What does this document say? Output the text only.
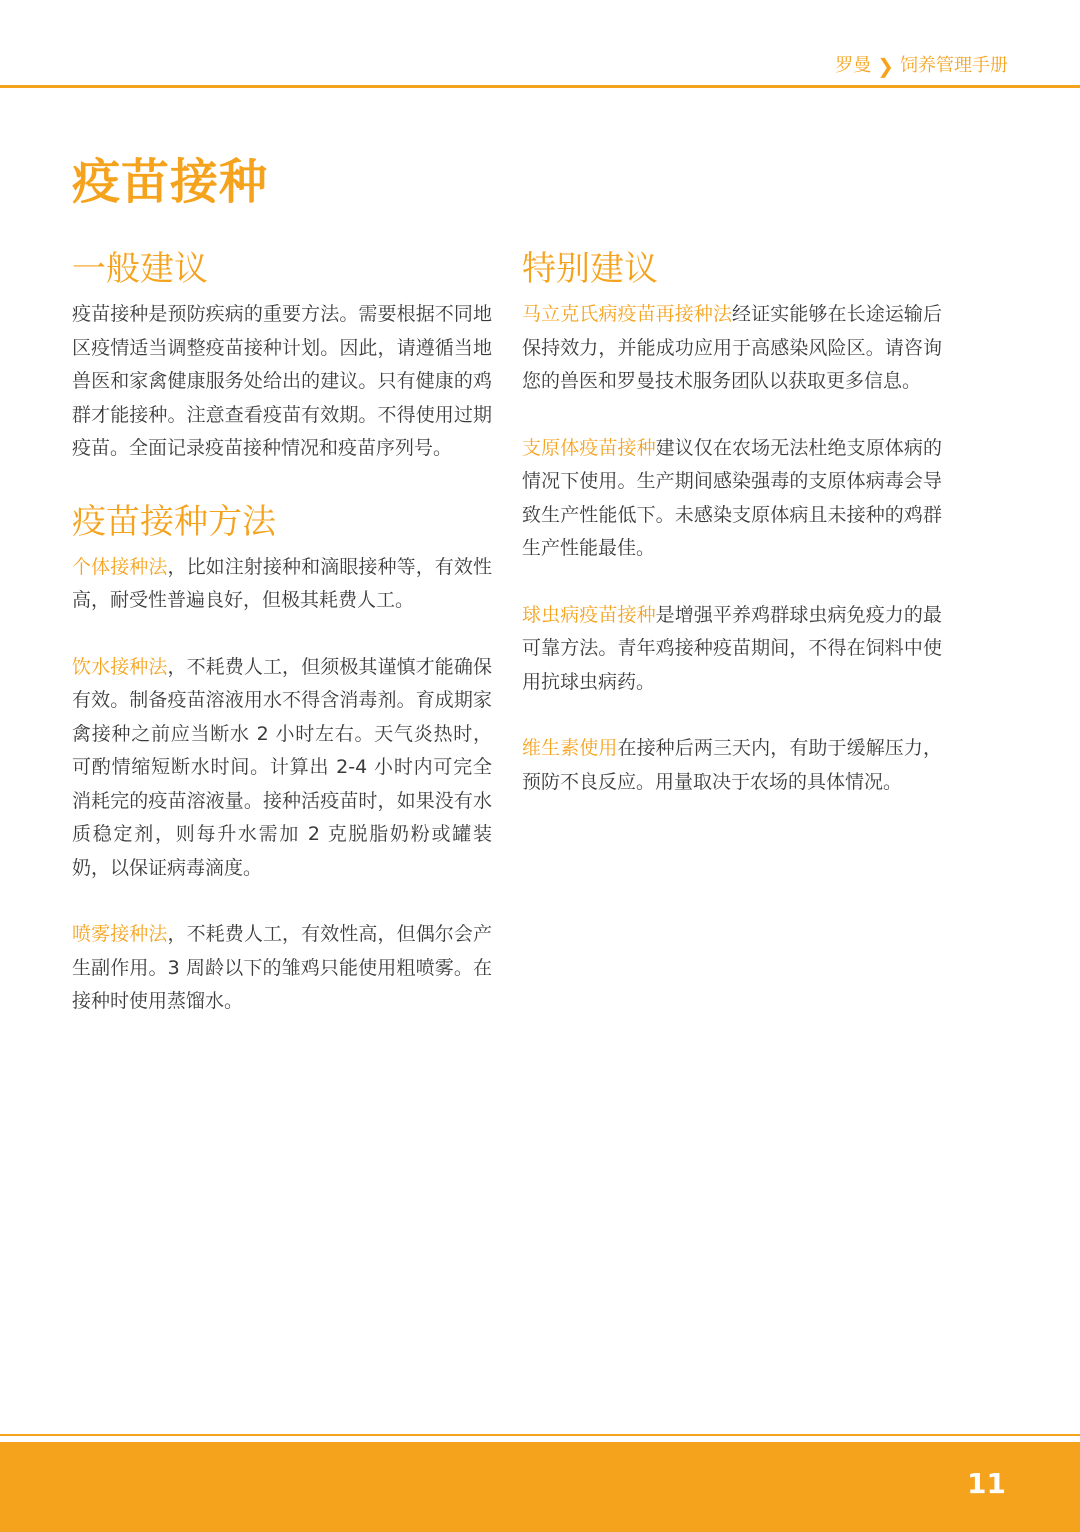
罗曼 ❯ 饲养管理手册
疫苗接种
一般建议

疫苗接种是预防疾病的重要方法。需要根据不同地区疫情适当调整疫苗接种计划。因此，请遵循当地兽医和家禽健康服务处给出的建议。只有健康的鸡群才能接种。注意查看疫苗有效期。不得使用过期疫苗。全面记录疫苗接种情况和疫苗序列号。

疫苗接种方法

个体接种法，比如注射接种和滴眼接种等，有效性高，耐受性普遍良好，但极其耗费人工。

饮水接种法，不耗费人工，但须极其谨慎才能确保有效。制备疫苗溶液用水不得含消毒剂。育成期家禽接种之前应当断水 2 小时左右。天气炎热时，可酌情缩短断水时间。计算出 2-4 小时内可完全消耗完的疫苗溶液量。接种活疫苗时，如果没有水质稳定剂，则每升水需加 2 克脱脂奶粉或罐装奶，以保证病毒滴度。

喷雾接种法，不耗费人工，有效性高，但偶尔会产生副作用。3 周龄以下的雏鸡只能使用粗喷雾。在接种时使用蒸馏水。

特别建议

马立克氏病疫苗再接种法经证实能够在长途运输后保持效力，并能成功应用于高感染风险区。请咨询您的兽医和罗曼技术服务团队以获取更多信息。

支原体疫苗接种建议仅在农场无法杜绝支原体病的情况下使用。生产期间感染强毒的支原体病毒会导致生产性能低下。未感染支原体病且未接种的鸡群生产性能最佳。

球虫病疫苗接种是增强平养鸡群球虫病免疫力的最可靠方法。青年鸡接种疫苗期间，不得在饲料中使用抗球虫病药。

维生素使用在接种后两三天内，有助于缓解压力，预防不良反应。用量取决于农场的具体情况。

11
